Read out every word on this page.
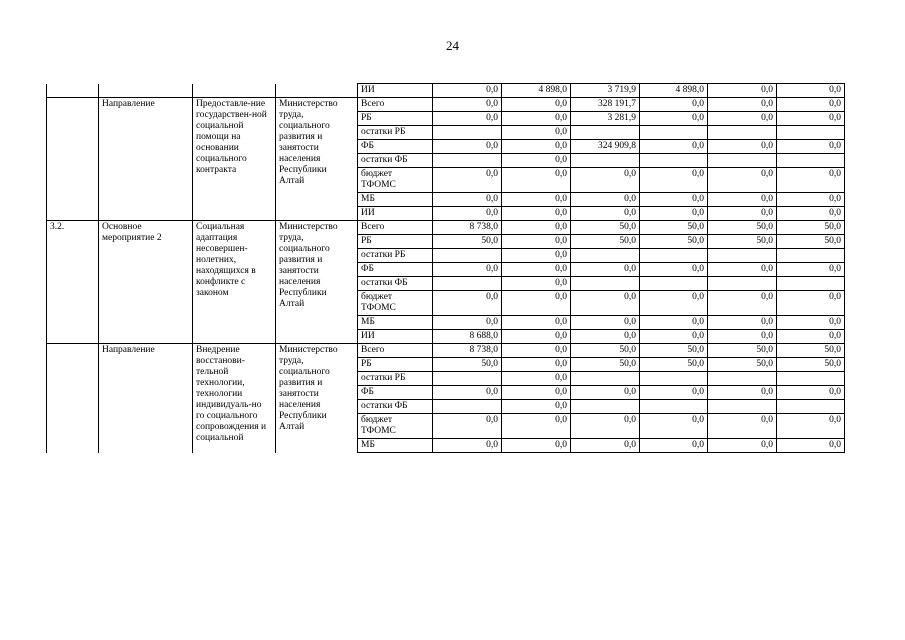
24
				ИИ	0,0	4 898,0	3 719,9	4 898,0	0,0	0,0
	Направление	Предоставле-ние государствен-ной социальной помощи на основании социального контракта	Министерство труда, социального развития и занятости населения Республики Алтай	Всего	0,0	0,0	328 191,7	0,0	0,0	0,0
				РБ	0,0	0,0	3 281,9	0,0	0,0	0,0
				остатки РБ		0,0				
				ФБ	0,0	0,0	324 909,8	0,0	0,0	0,0
				остатки ФБ		0,0				
				бюджет ТФОМС	0,0	0,0	0,0	0,0	0,0	0,0
				МБ	0,0	0,0	0,0	0,0	0,0	0,0
				ИИ	0,0	0,0	0,0	0,0	0,0	0,0
3.2.	Основное мероприятие 2	Социальная адаптация несовершен-нолетних, находящихся в конфликте с законом	Министерство труда, социального развития и занятости населения Республики Алтай	Всего	8 738,0	0,0	50,0	50,0	50,0	50,0
				РБ	50,0	0,0	50,0	50,0	50,0	50,0
				остатки РБ		0,0				
				ФБ	0,0	0,0	0,0	0,0	0,0	0,0
				остатки ФБ		0,0				
				бюджет ТФОМС	0,0	0,0	0,0	0,0	0,0	0,0
				МБ	0,0	0,0	0,0	0,0	0,0	0,0
				ИИ	8 688,0	0,0	0,0	0,0	0,0	0,0
	Направление	Внедрение восстанови-тельной технологии, технологии индивидуаль-но го социального сопровождения и социальной	Министерство труда, социального развития и занятости населения Республики Алтай	Всего	8 738,0	0,0	50,0	50,0	50,0	50,0
				РБ	50,0	0,0	50,0	50,0	50,0	50,0
				остатки РБ		0,0				
				ФБ	0,0	0,0	0,0	0,0	0,0	0,0
				остатки ФБ		0,0				
				бюджет ТФОМС	0,0	0,0	0,0	0,0	0,0	0,0
				МБ	0,0	0,0	0,0	0,0	0,0	0,0
